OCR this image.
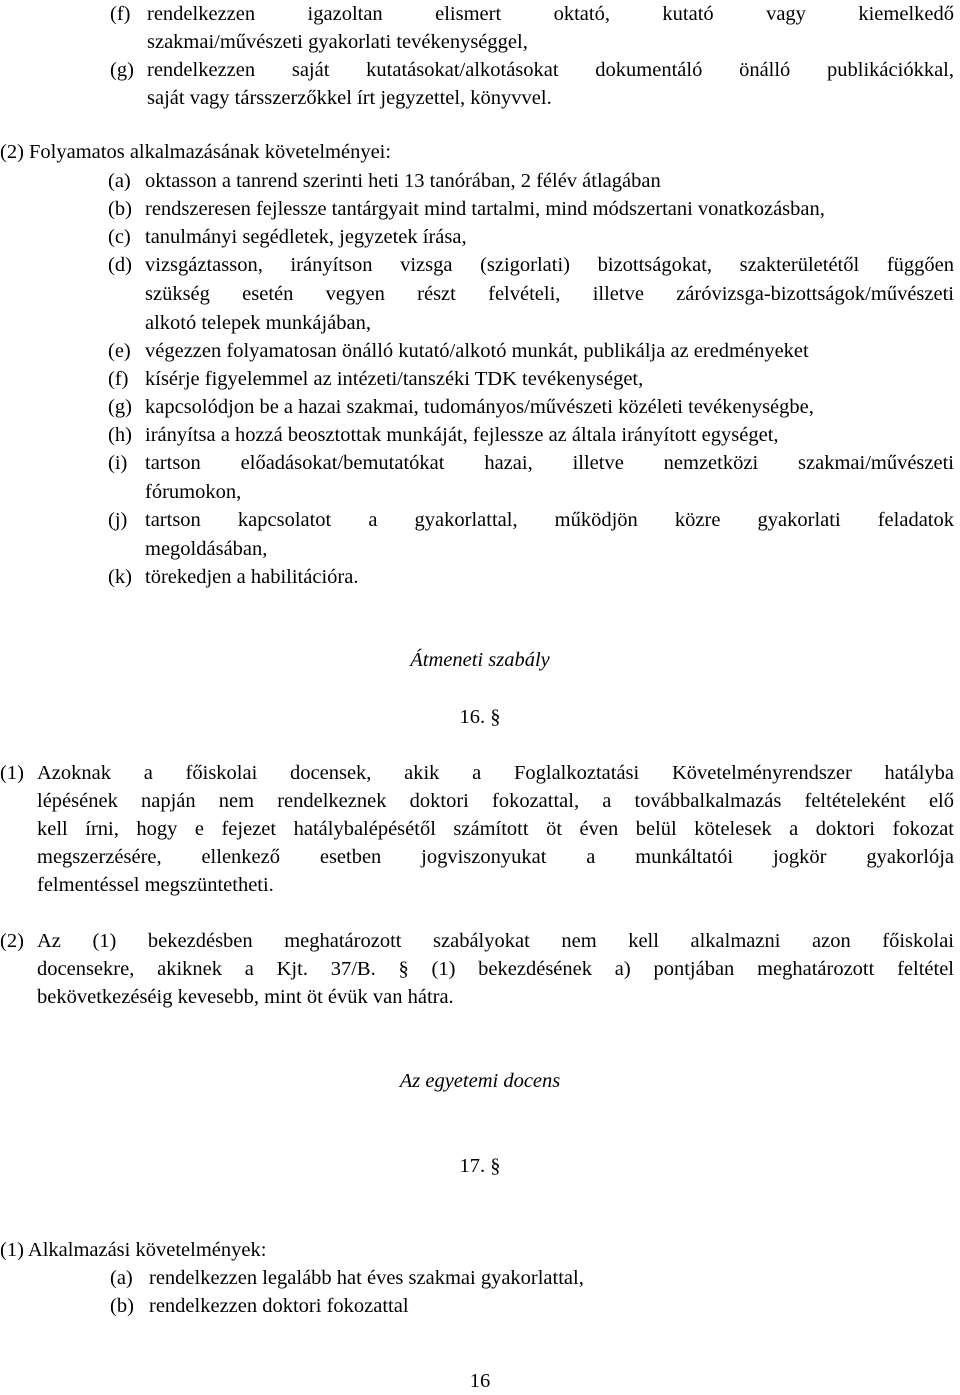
(f) rendelkezzen igazoltan elismert oktató, kutató vagy kiemelkedő
szakmai/művészeti gyakorlati tevékenységgel,
(g) rendelkezzen saját kutatásokat/alkotásokat dokumentáló önálló publikációkkal,
saját vagy társszerzőkkel írt jegyzettel, könyvvel.
(2) Folyamatos alkalmazásának követelményei:
(a) oktasson a tanrend szerinti heti 13 tanórában, 2 félév átlagában
(b) rendszeresen fejlessze tantárgyait mind tartalmi, mind módszertani vonatkozásban,
(c) tanulmányi segédletek, jegyzetek írása,
(d) vizsgáztasson, irányítson vizsga (szigorlati) bizottságokat, szakterületétől függően
szükség esetén vegyen részt felvételi, illetve záróvizsga-bizottságok/művészeti
alkotó telepek munkájában,
(e) végezzen folyamatosan önálló kutató/alkotó munkát, publikálja az eredményeket
(f) kísérje figyelemmel az intézeti/tanszéki TDK tevékenységet,
(g) kapcsolódjon be a hazai szakmai, tudományos/művészeti közéleti tevékenységbe,
(h) irányítsa a hozzá beosztottak munkáját, fejlessze az általa irányított egységet,
(i) tartson előadásokat/bemutatókat hazai, illetve nemzetközi szakmai/művészeti
fórumokon,
(j) tartson kapcsolatot a gyakorlattal, működjön közre gyakorlati feladatok
megoldásában,
(k) törekedjen a habilitációra.
Átmeneti szabály
16. §
(1) Azoknak a főiskolai docensek, akik a Foglalkoztatási Követelményrendszer hatályba
lépésének napján nem rendelkeznek doktori fokozattal, a továbbalkalmazás feltételeként elő
kell írni, hogy e fejezet hatálybalépésétől számított öt éven belül kötelesek a doktori fokozat
megszerzésére, ellenkező esetben jogviszonyukat a munkáltatói jogkör gyakorlója
felmentéssel megszüntetheti.
(2) Az (1) bekezdésben meghatározott szabályokat nem kell alkalmazni azon főiskolai
docensekre, akiknek a Kjt. 37/B. § (1) bekezdésének a) pontjában meghatározott feltétel
bekövetkezéséig kevesebb, mint öt évük van hátra.
Az egyetemi docens
17. §
(1) Alkalmazási követelmények:
(a) rendelkezzen legalább hat éves szakmai gyakorlattal,
(b) rendelkezzen doktori fokozattal
16
